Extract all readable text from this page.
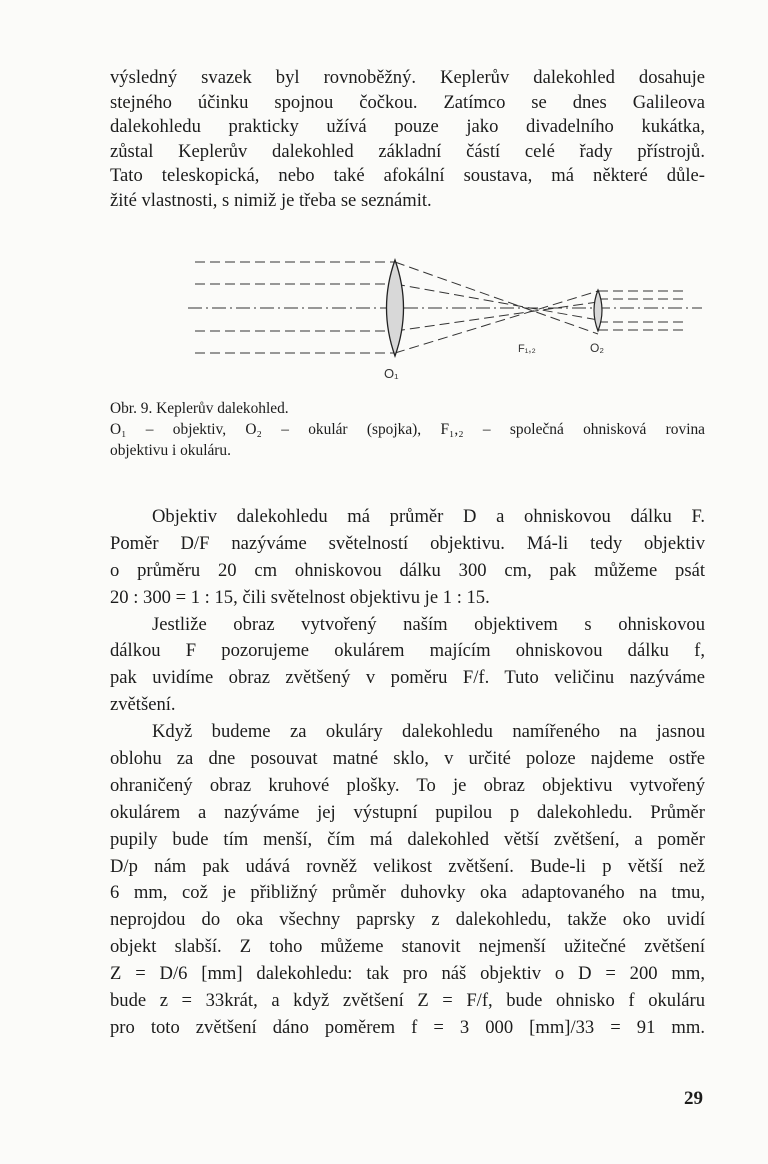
výsledný svazek byl rovnoběžný. Keplerův dalekohled dosahuje
stejného účinku spojnou čočkou. Zatímco se dnes Galileova
dalekohledu prakticky užívá pouze jako divadelního kukátka,
zůstal Keplerův dalekohled základní částí celé řady přístrojů.
Tato teleskopická, nebo také afokální soustava, má některé důle-
žité vlastnosti, s nimiž je třeba se seznámit.
O₁
F₁,₂	O₂
Obr. 9. Keplerův dalekohled.
O₁ – objektiv, O₂ – okulár (spojka), F₁,₂ – společná ohnisková rovina
objektivu i okuláru.
Objektiv dalekohledu má průměr D a ohniskovou dálku F.
Poměr D/F nazýváme světelností objektivu. Má-li tedy objektiv
o průměru 20 cm ohniskovou dálku 300 cm, pak můžeme psát
20 : 300 = 1 : 15, čili světelnost objektivu je 1 : 15.
Jestliže obraz vytvořený naším objektivem s ohniskovou
dálkou F pozorujeme okulárem majícím ohniskovou dálku f,
pak uvidíme obraz zvětšený v poměru F/f. Tuto veličinu nazýváme
zvětšení.
Když budeme za okuláry dalekohledu namířeného na jasnou
oblohu za dne posouvat matné sklo, v určité poloze najdeme ostře
ohraničený obraz kruhové plošky. To je obraz objektivu vytvořený
okulárem a nazýváme jej výstupní pupilou p dalekohledu. Průměr
pupily bude tím menší, čím má dalekohled větší zvětšení, a poměr
D/p nám pak udává rovněž velikost zvětšení. Bude-li p větší než
6 mm, což je přibližný průměr duhovky oka adaptovaného na tmu,
neprojdou do oka všechny paprsky z dalekohledu, takže oko uvidí
objekt slabší. Z toho můžeme stanovit nejmenší užitečné zvětšení
Z = D/6 [mm] dalekohledu: tak pro náš objektiv o D = 200 mm,
bude z = 33krát, a když zvětšení Z = F/f, bude ohnisko f okuláru
pro toto zvětšení dáno poměrem f = 3 000 [mm]/33 = 91 mm.
29
